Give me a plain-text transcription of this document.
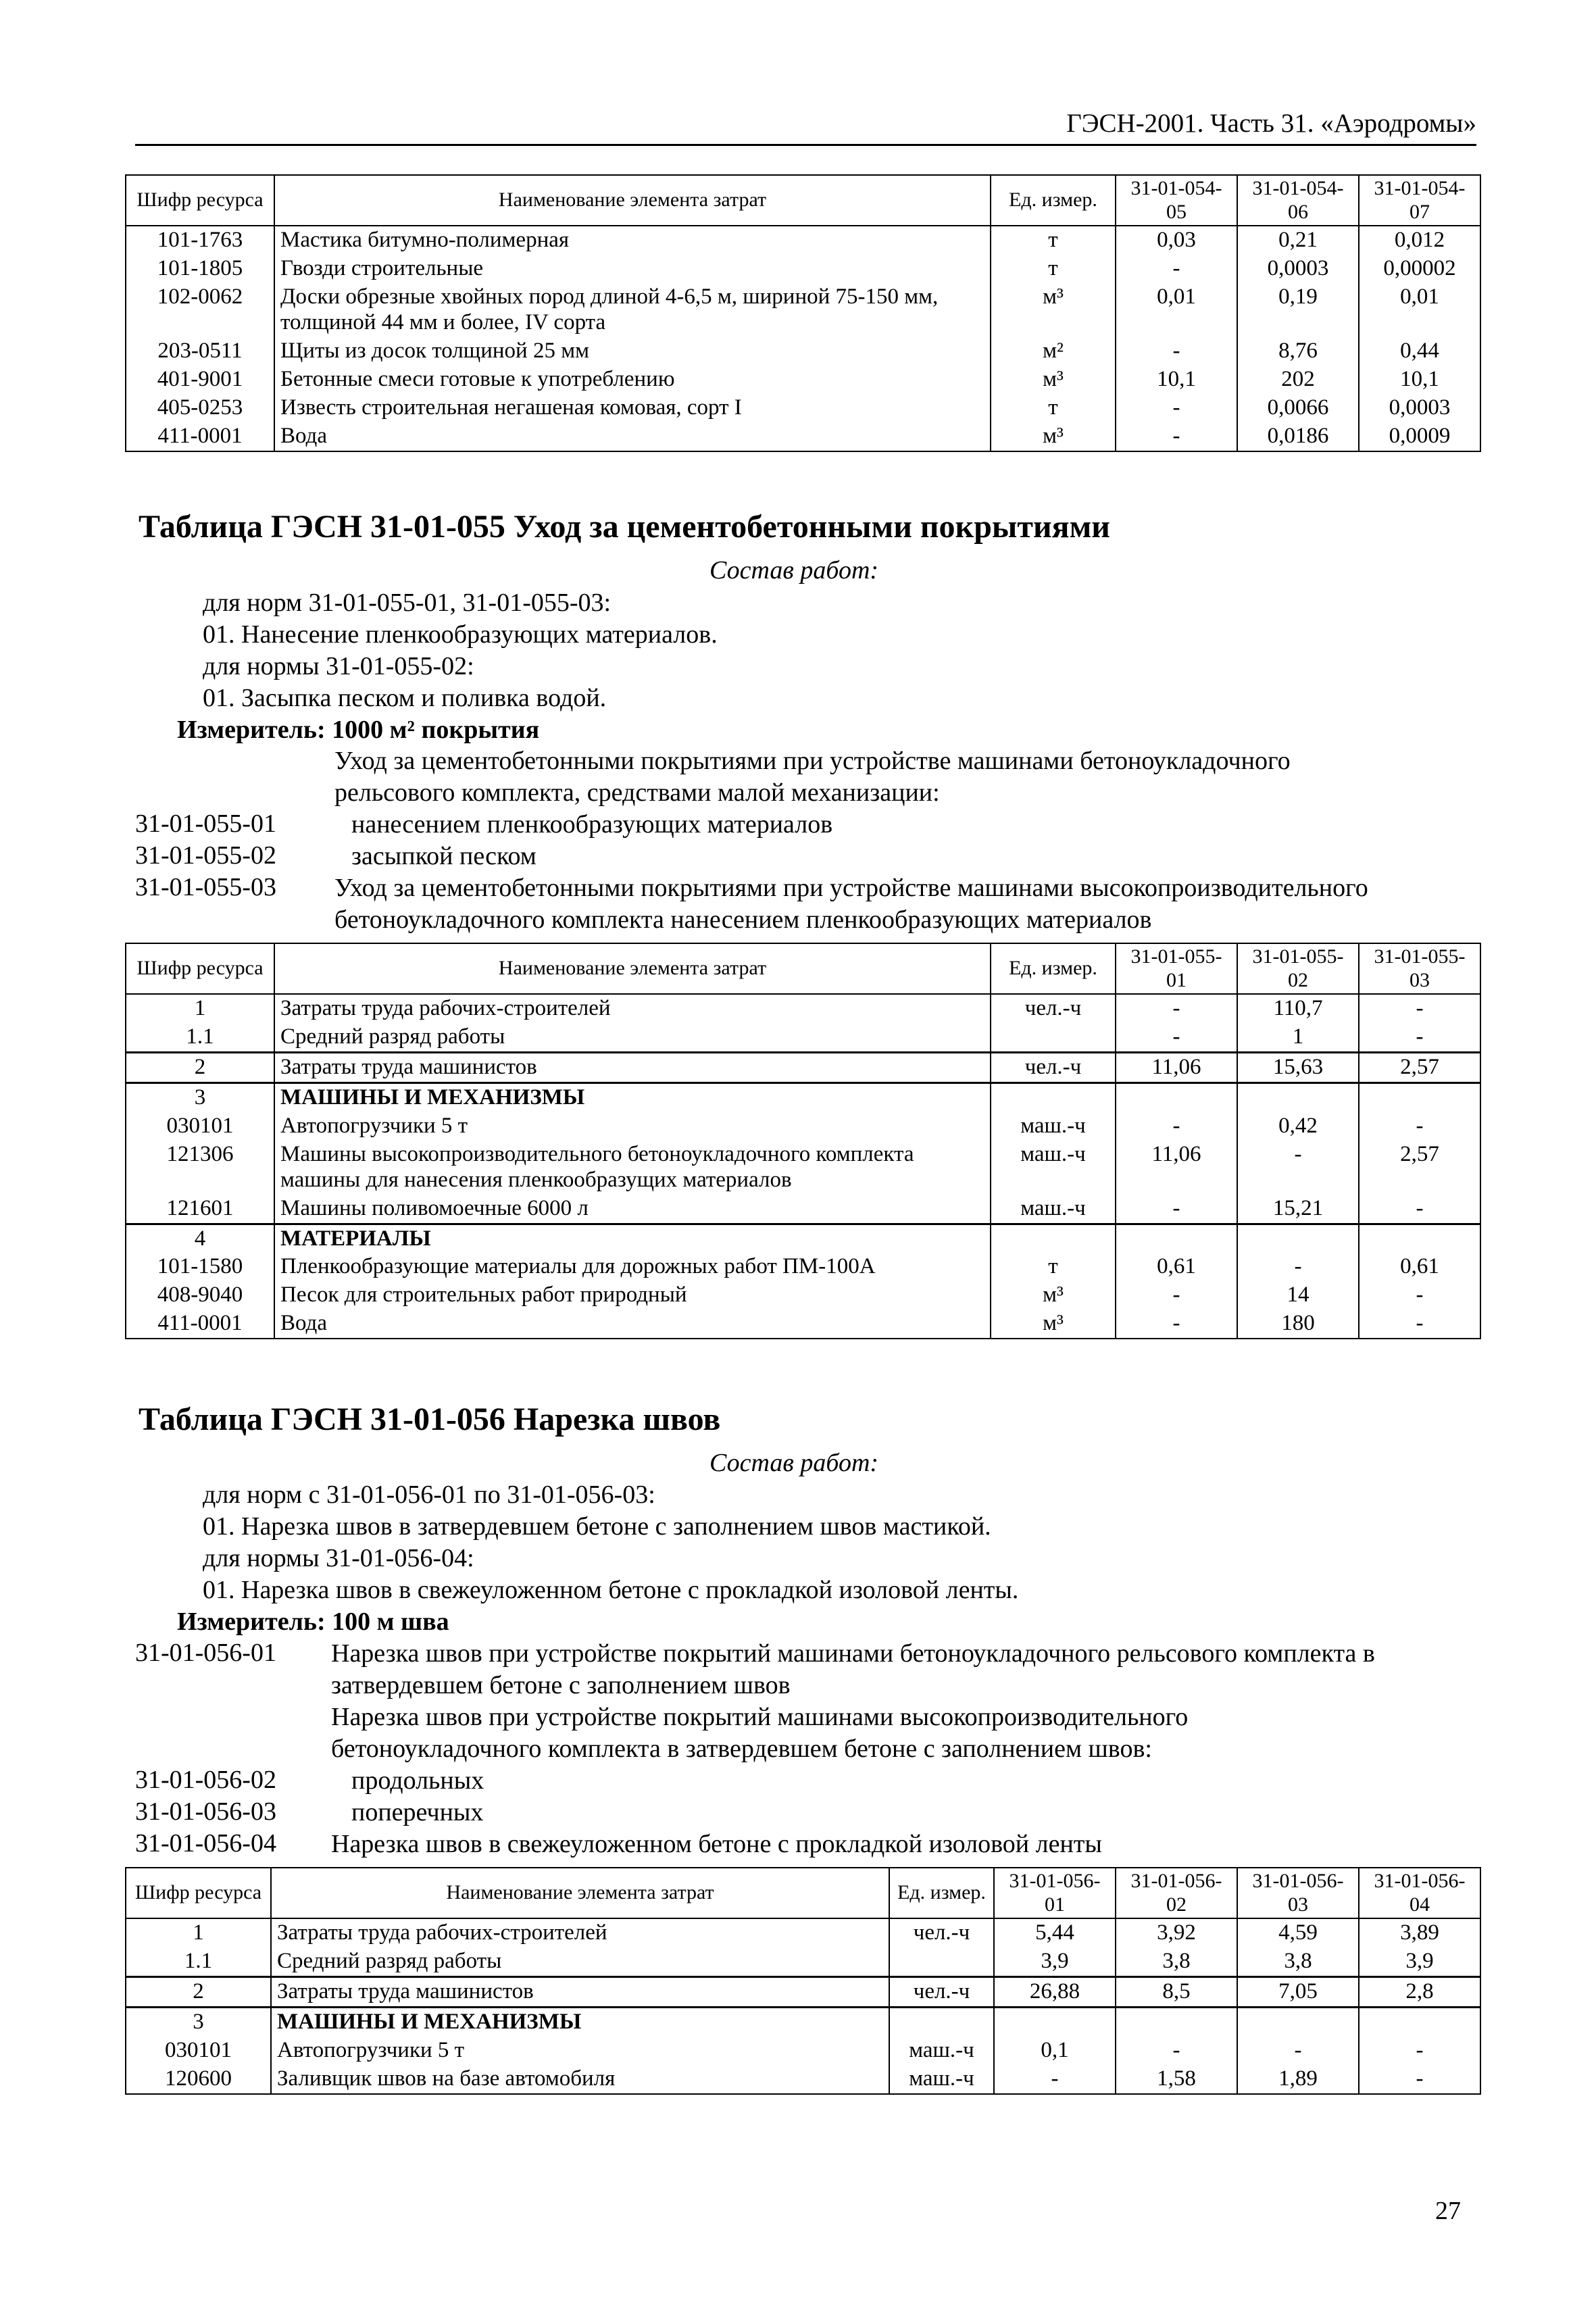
ГЭСН-2001. Часть 31. «Аэродромы»
Шифр ресурса	Наименование элемента затрат	Ед. измер.	31-01-054-05	31-01-054-06	31-01-054-07
101-1763	Мастика битумно-полимерная	т	0,03	0,21	0,012
101-1805	Гвозди строительные	т	-	0,0003	0,00002
102-0062	Доски обрезные хвойных пород длиной 4-6,5 м, шириной 75-150 мм, толщиной 44 мм и более, IV сорта	м³	0,01	0,19	0,01
203-0511	Щиты из досок толщиной 25 мм	м²	-	8,76	0,44
401-9001	Бетонные смеси готовые к употреблению	м³	10,1	202	10,1
405-0253	Известь строительная негашеная комовая, сорт I	т	-	0,0066	0,0003
411-0001	Вода	м³	-	0,0186	0,0009
Таблица ГЭСН 31-01-055 Уход за цементобетонными покрытиями
Состав работ:
для норм 31-01-055-01, 31-01-055-03:
01. Нанесение пленкообразующих материалов.
для нормы 31-01-055-02:
01. Засыпка песком и поливка водой.
Измеритель: 1000 м² покрытия
Уход за цементобетонными покрытиями при устройстве машинами бетоноукладочного рельсового комплекта, средствами малой механизации:
31-01-055-01	нанесением пленкообразующих материалов
31-01-055-02	засыпкой песком
31-01-055-03 Уход за цементобетонными покрытиями при устройстве машинами высокопроизводительного бетоноукладочного комплекта нанесением пленкообразующих материалов
Шифр ресурса	Наименование элемента затрат	Ед. измер.	31-01-055-01	31-01-055-02	31-01-055-03
1	Затраты труда рабочих-строителей	чел.-ч	-	110,7	-
1.1	Средний разряд работы		-	1	-
2	Затраты труда машинистов	чел.-ч	11,06	15,63	2,57
3	МАШИНЫ И МЕХАНИЗМЫ				
030101	Автопогрузчики 5 т	маш.-ч	-	0,42	-
121306	Машины высокопроизводительного бетоноукладочного комплекта машины для нанесения пленкообразущих материалов	маш.-ч	11,06	-	2,57
121601	Машины поливомоечные 6000 л	маш.-ч	-	15,21	-
4	МАТЕРИАЛЫ				
101-1580	Пленкообразующие материалы для дорожных работ ПМ-100А	т	0,61	-	0,61
408-9040	Песок для строительных работ природный	м³	-	14	-
411-0001	Вода	м³	-	180	-
Таблица ГЭСН 31-01-056 Нарезка швов
Состав работ:
для норм с 31-01-056-01 по 31-01-056-03:
01. Нарезка швов в затвердевшем бетоне с заполнением швов мастикой.
для нормы 31-01-056-04:
01. Нарезка швов в свежеуложенном бетоне с прокладкой изоловой ленты.
Измеритель: 100 м шва
31-01-056-01 Нарезка швов при устройстве покрытий машинами бетоноукладочного рельсового комплекта в затвердевшем бетоне с заполнением швов
Нарезка швов при устройстве покрытий машинами высокопроизводительного бетоноукладочного комплекта в затвердевшем бетоне с заполнением швов:
31-01-056-02	продольных
31-01-056-03	поперечных
31-01-056-04 Нарезка швов в свежеуложенном бетоне с прокладкой изоловой ленты
Шифр ресурса	Наименование элемента затрат	Ед. измер.	31-01-056-01	31-01-056-02	31-01-056-03	31-01-056-04
1	Затраты труда рабочих-строителей	чел.-ч	5,44	3,92	4,59	3,89
1.1	Средний разряд работы		3,9	3,8	3,8	3,9
2	Затраты труда машинистов	чел.-ч	26,88	8,5	7,05	2,8
3	МАШИНЫ И МЕХАНИЗМЫ					
030101	Автопогрузчики 5 т	маш.-ч	0,1	-	-	-
120600	Заливщик швов на базе автомобиля	маш.-ч	-	1,58	1,89	-
27
